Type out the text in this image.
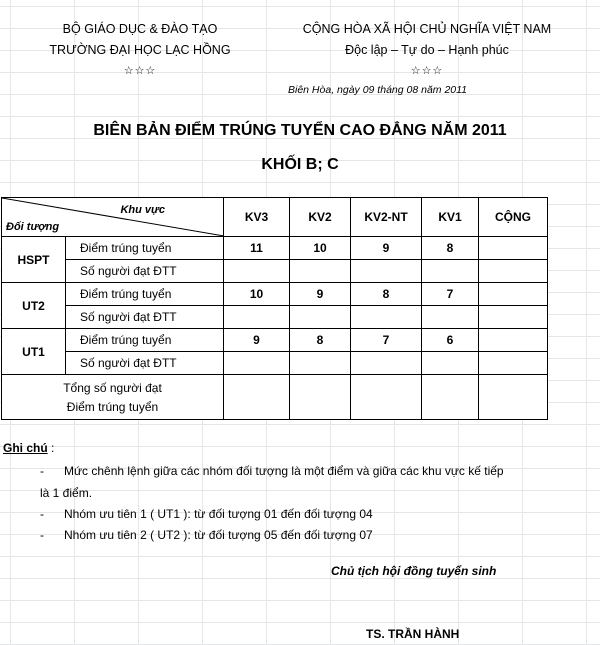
BỘ GIÁO DỤC & ĐÀO TẠO
TRƯỜNG ĐẠI HỌC LẠC HỒNG
☆☆☆
CỘNG HÒA XÃ HỘI CHỦ NGHĨA VIỆT NAM
Độc lập – Tự do – Hạnh phúc
☆☆☆
Biên Hòa, ngày 09 tháng 08 năm 2011
BIÊN BẢN ĐIỂM TRÚNG TUYỂN CAO ĐẲNG NĂM 2011
KHỐI B; C
Khu vực
Đối tượng		KV3	KV2	KV2-NT	KV1	CỘNG
HSPT	Điểm trúng tuyển	11	10	9	8	
	Số người đạt ĐTT					
UT2	Điểm trúng tuyển	10	9	8	7	
	Số người đạt ĐTT					
UT1	Điểm trúng tuyển	9	8	7	6	
	Số người đạt ĐTT					

Tổng số người đạt
Điểm trúng tuyển						

Ghi chú :
- Mức chênh lệnh giữa các nhóm đối tượng là một điểm và giữa các khu vực kế tiếp
là 1 điểm.
- Nhóm ưu tiên 1 ( UT1 ): từ đối tượng 01 đến đối tượng 04
- Nhóm ưu tiên 2 ( UT2 ): từ đối tượng 05 đến đối tượng 07
Chủ tịch hội đồng tuyển sinh
TS. TRẦN HÀNH
